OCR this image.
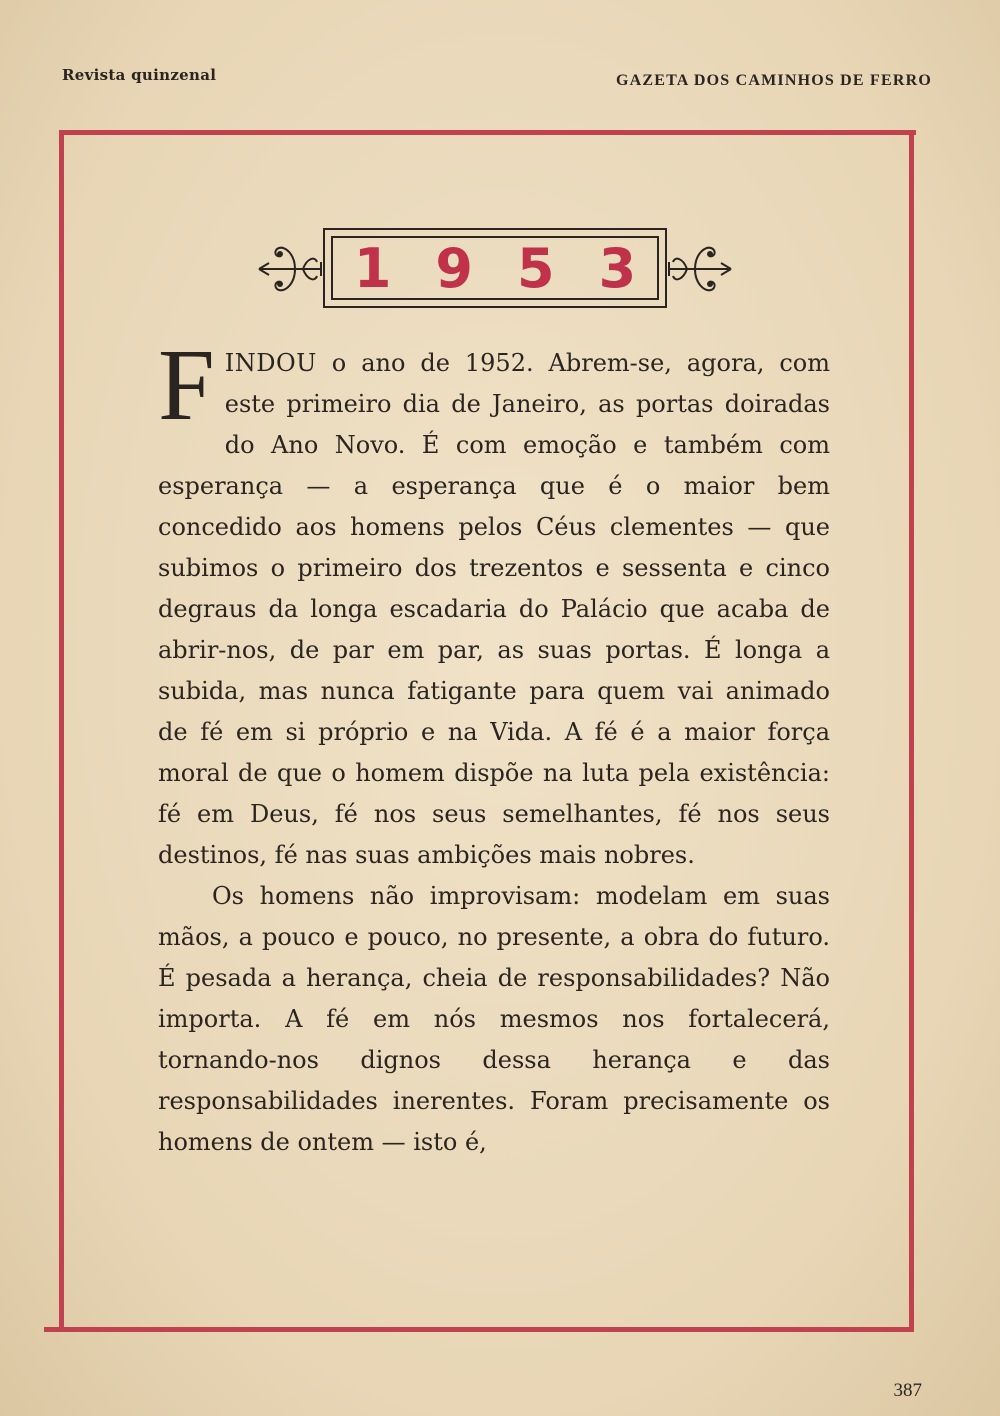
Revista quinzenal	GAZETA DOS CAMINHOS DE FERRO
1953

FINDOU o ano de 1952. Abrem-se, agora, com este primeiro dia de Janeiro, as portas doiradas do Ano Novo. É com emoção e também com esperança — a esperança que é o maior bem concedido aos homens pelos Céus clementes — que subimos o primeiro dos trezentos e sessenta e cinco degraus da longa escadaria do Palácio que acaba de abrir-nos, de par em par, as suas portas. É longa a subida, mas nunca fatigante para quem vai animado de fé em si próprio e na Vida. A fé é a maior força moral de que o homem dispõe na luta pela existência: fé em Deus, fé nos seus semelhantes, fé nos seus destinos, fé nas suas ambições mais nobres.

Os homens não improvisam: modelam em suas mãos, a pouco e pouco, no presente, a obra do futuro. É pesada a herança, cheia de responsabilidades? Não importa. A fé em nós mesmos nos fortalecerá, tornando-nos dignos dessa herança e das responsabilidades inerentes. Foram precisamente os homens de ontem — isto é,

387
